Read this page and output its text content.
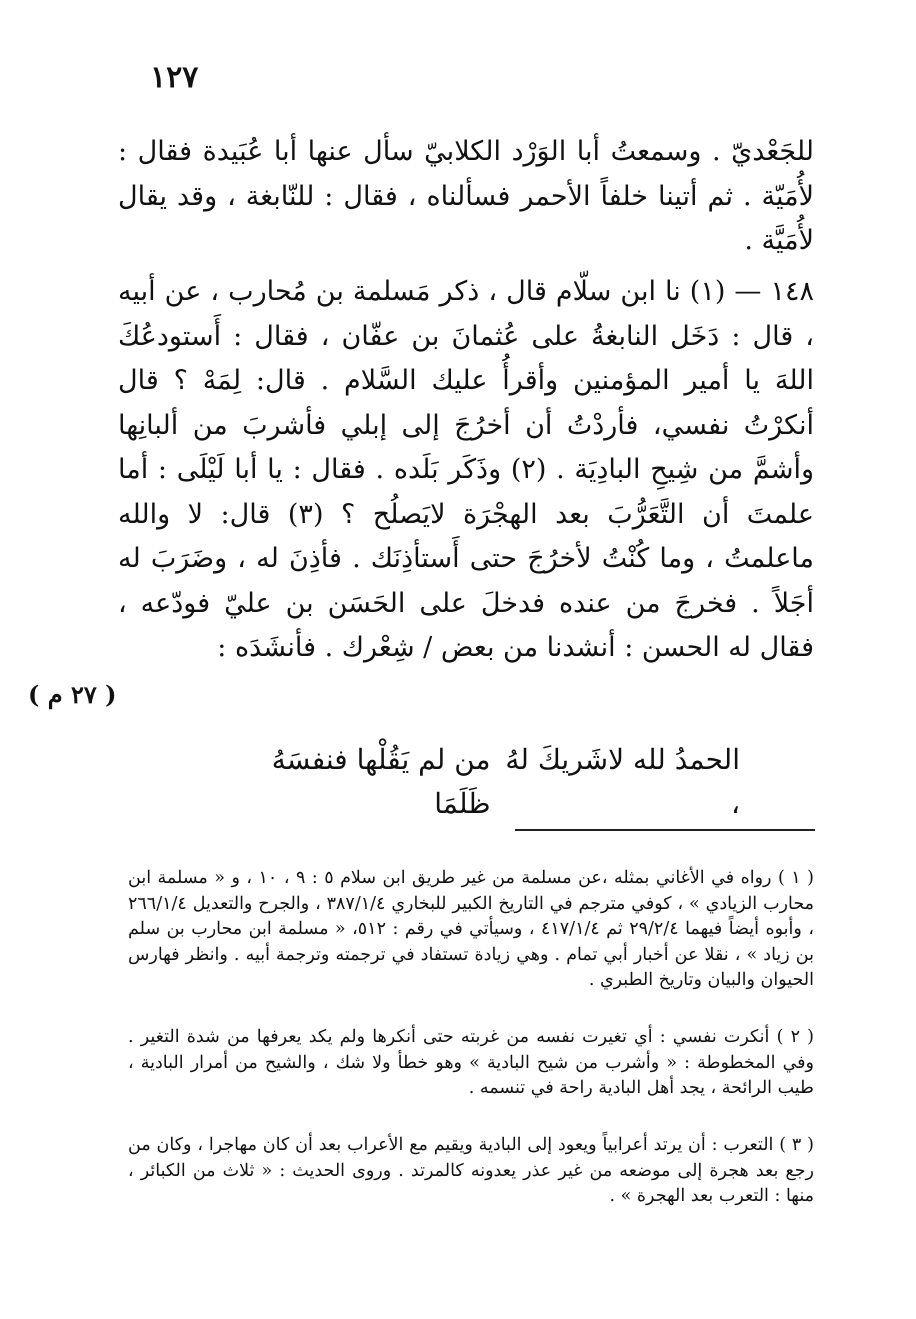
١٢٧
للجَعْديّ . وسمعتُ أبا الوَرْد الكلابيّ سأل عنها أبا عُبَيدة فقال : لأُمَيّة . ثم أتينا خلفاً الأحمر فسألناه ، فقال : للنّابغة ، وقد يقال لأُمَيَّة .
١٤٨ — (١) نا ابن سلّام قال ، ذكر مَسلمة بن مُحارب ، عن أبيه ، قال : دَخَل النابغةُ على عُثمانَ بن عفّان ، فقال : أَستودعُكَ اللهَ يا أمير المؤمنين وأقرأُ عليك السَّلام . قال: لِمَهْ ؟ قال أنكرْتُ نفسي، فأردْتُ أن أخرُجَ إلى إبلي فأشربَ من ألبانِها وأشمَّ من شِيحِ البادِيَة . (٢) وذَكَر بَلَده . فقال : يا أبا لَيْلَى : أما علمتَ أن التَّعَرُّبَ بعد الهجْرَة لايَصلُح ؟ (٣) قال: لا والله ماعلمتُ ، وما كُنْتُ لأخرُجَ حتى أَستأذِنَك . فأذِنَ له ، وضَرَبَ له أجَلاً . فخرجَ من عنده فدخلَ على الحَسَن بن عليّ فودّعه ، فقال له الحسن : أنشدنا من بعض / شِعْرك . فأنشَدَه :
( ٢٧ م )
الحمدُ لله لاشَريكَ لهُ ،
من لم يَقُلْها فنفسَهُ ظَلَمَا

( ١ ) رواه في الأغاني بمثله ،عن مسلمة من غير طريق ابن سلام ٥ : ٩ ، ١٠ ، و « مسلمة ابن محارب الزيادي » ، كوفي مترجم في التاريخ الكبير للبخاري ٣٨٧/١/٤ ، والجرح والتعديل ٢٦٦/١/٤ ، وأبوه أيضاً فيهما ٢٩/٢/٤ ثم ٤١٧/١/٤ ، وسيأتي في رقم : ٥١٢، « مسلمة ابن محارب بن سلم بن زياد » ، نقلا عن أخبار أبي تمام . وهي زيادة تستفاد في ترجمته وترجمة أبيه . وانظر فهارس الحيوان والبيان وتاريخ الطبري .

( ٢ ) أنكرت نفسي : أي تغيرت نفسه من غربته حتى أنكرها ولم يكد يعرفها من شدة التغير . وفي المخطوطة : « وأشرب من شيح البادية » وهو خطأ ولا شك ، والشيح من أمرار البادية ، طيب الرائحة ، يجد أهل البادية راحة في تنسمه .

( ٣ ) التعرب : أن يرتد أعرابياً ويعود إلى البادية ويقيم مع الأعراب بعد أن كان مهاجرا ، وكان من رجع بعد هجرة إلى موضعه من غير عذر يعدونه كالمرتد . وروى الحديث : « ثلاث من الكبائر ، منها : التعرب بعد الهجرة » .
